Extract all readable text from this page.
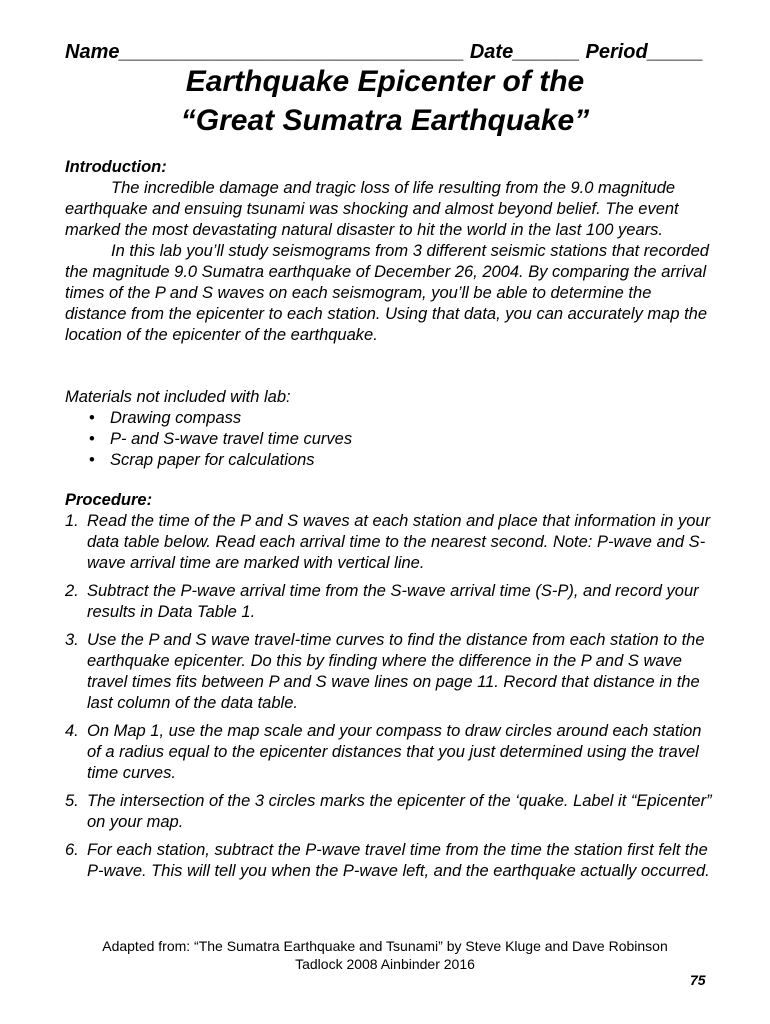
Name_______________________________ Date______ Period_____
Earthquake Epicenter of the
“Great Sumatra Earthquake”
Introduction:
The incredible damage and tragic loss of life resulting from the 9.0 magnitude earthquake and ensuing tsunami was shocking and almost beyond belief. The event marked the most devastating natural disaster to hit the world in the last 100 years.
In this lab you’ll study seismograms from 3 different seismic stations that recorded the magnitude 9.0 Sumatra earthquake of December 26, 2004. By comparing the arrival times of the P and S waves on each seismogram, you’ll be able to determine the distance from the epicenter to each station. Using that data, you can accurately map the location of the epicenter of the earthquake.
Materials not included with lab:
• Drawing compass
• P- and S-wave travel time curves
• Scrap paper for calculations
Procedure:
1. Read the time of the P and S waves at each station and place that information in your data table below. Read each arrival time to the nearest second. Note: P-wave and S-wave arrival time are marked with vertical line.
2. Subtract the P-wave arrival time from the S-wave arrival time (S-P), and record your results in Data Table 1.
3. Use the P and S wave travel-time curves to find the distance from each station to the earthquake epicenter. Do this by finding where the difference in the P and S wave travel times fits between P and S wave lines on page 11. Record that distance in the last column of the data table.
4. On Map 1, use the map scale and your compass to draw circles around each station of a radius equal to the epicenter distances that you just determined using the travel time curves.
5. The intersection of the 3 circles marks the epicenter of the ‘quake. Label it “Epicenter” on your map.
6. For each station, subtract the P-wave travel time from the time the station first felt the P-wave. This will tell you when the P-wave left, and the earthquake actually occurred.
Adapted from: “The Sumatra Earthquake and Tsunami” by Steve Kluge and Dave Robinson
Tadlock 2008 Ainbinder 2016
75
